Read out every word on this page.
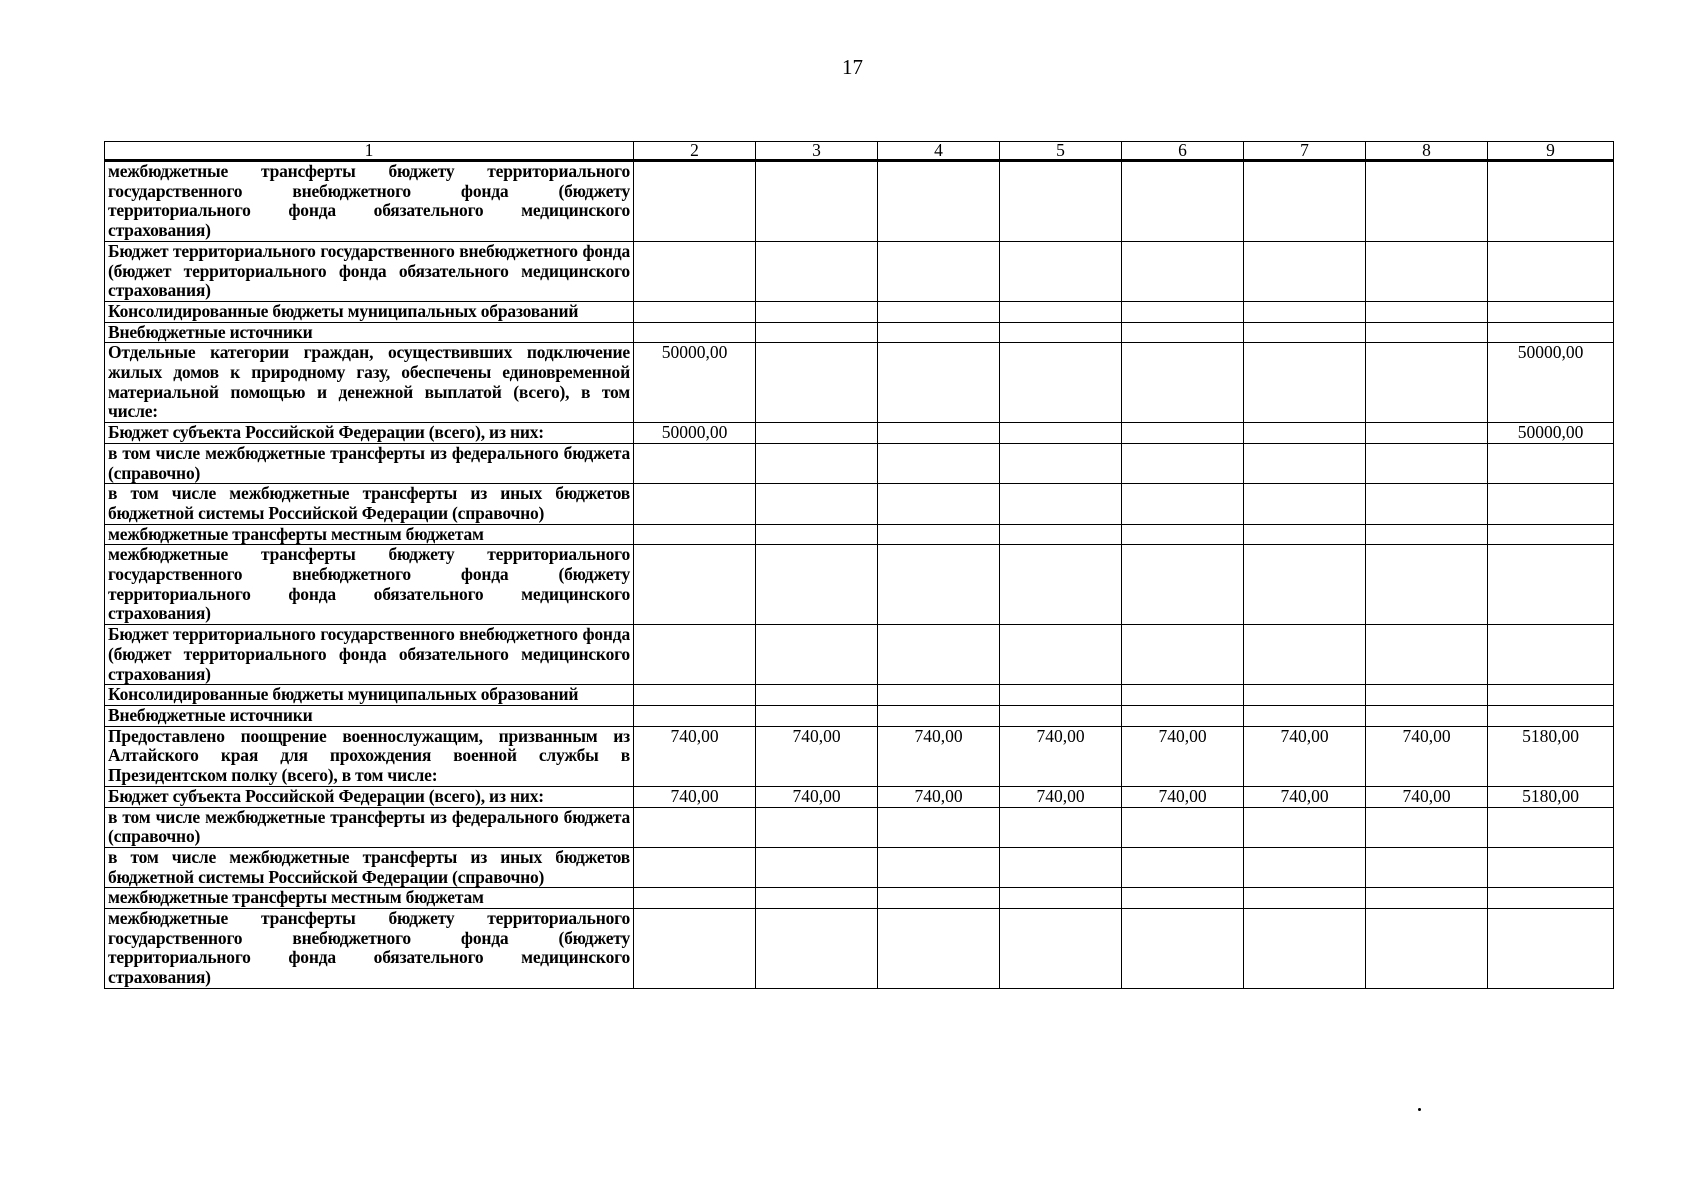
17
1	2	3	4	5	6	7	8	9
межбюджетные трансферты бюджету территориального государственного внебюджетного фонда (бюджету территориального фонда обязательного медицинского страхования)								
Бюджет территориального государственного внебюджетного фонда (бюджет территориального фонда обязательного медицинского страхования)								
Консолидированные бюджеты муниципальных образований								
Внебюджетные источники								
Отдельные категории граждан, осуществивших подключение жилых домов к природному газу, обеспечены единовременной материальной помощью и денежной выплатой (всего), в том числе:	50000,00							50000,00
Бюджет субъекта Российской Федерации (всего), из них:	50000,00							50000,00
в том числе межбюджетные трансферты из федерального бюджета (справочно)								
в том числе межбюджетные трансферты из иных бюджетов бюджетной системы Российской Федерации (справочно)								
межбюджетные трансферты местным бюджетам								
межбюджетные трансферты бюджету территориального государственного внебюджетного фонда (бюджету территориального фонда обязательного медицинского страхования)								
Бюджет территориального государственного внебюджетного фонда (бюджет территориального фонда обязательного медицинского страхования)								
Консолидированные бюджеты муниципальных образований								
Внебюджетные источники								
Предоставлено поощрение военнослужащим, призванным из Алтайского края для прохождения военной службы в Президентском полку (всего), в том числе:	740,00	740,00	740,00	740,00	740,00	740,00	740,00	5180,00
Бюджет субъекта Российской Федерации (всего), из них:	740,00	740,00	740,00	740,00	740,00	740,00	740,00	5180,00
в том числе межбюджетные трансферты из федерального бюджета (справочно)								
в том числе межбюджетные трансферты из иных бюджетов бюджетной системы Российской Федерации (справочно)								
межбюджетные трансферты местным бюджетам								
межбюджетные трансферты бюджету территориального государственного внебюджетного фонда (бюджету территориального фонда обязательного медицинского страхования)								
